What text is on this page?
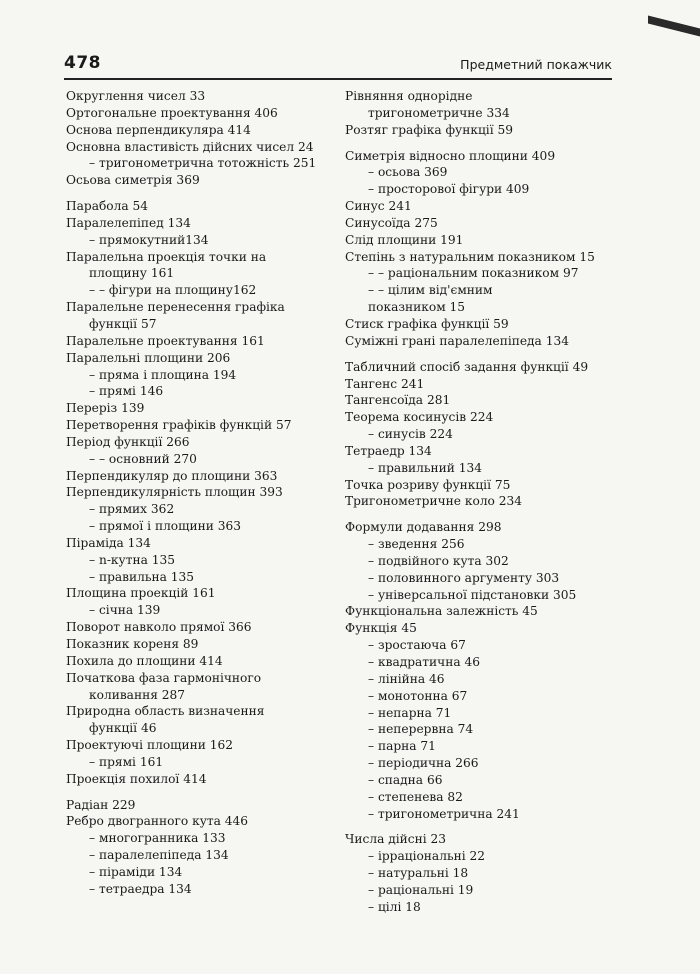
478	Предметний покажчик
Округлення чисел 33
Ортогональне проектування 406
Основа перпендикуляра 414
Основна властивість дійсних чисел 24
– тригонометрична тотожність 251
Осьова симетрія 369
Парабола 54
Паралелепіпед 134
– прямокутний134
Паралельна проекція точки на
площину 161
– – фігури на площину162
Паралельне перенесення графіка
функції 57
Паралельне проектування 161
Паралельні площини 206
– пряма і площина 194
– прямі 146
Переріз 139
Перетворення графіків функцій 57
Період функції 266
– – основний 270
Перпендикуляр до площини 363
Перпендикулярність площин 393
– прямих 362
– прямої і площини 363
Піраміда 134
– n-кутна 135
– правильна 135
Площина проекцій 161
– січна 139
Поворот навколо прямої 366
Показник кореня 89
Похила до площини 414
Початкова фаза гармонічного
коливання 287
Природна область визначення
функції 46
Проектуючі площини 162
– прямі 161
Проекція похилої 414
Радіан 229
Ребро двогранного кута 446
– многогранника 133
– паралелепіпеда 134
– піраміди 134
– тетраедра 134
Рівняння однорідне
тригонометричне 334
Розтяг графіка функції 59
Симетрія відносно площини 409
– осьова 369
– просторової фігури 409
Синус 241
Синусоїда 275
Слід площини 191
Степінь з натуральним показником 15
– – раціональним показником 97
– – цілим від'ємним
показником 15
Стиск графіка функції 59
Суміжні грані паралелепіпеда 134
Табличний спосіб задання функції 49
Тангенс 241
Тангенсоїда 281
Теорема косинусів 224
– синусів 224
Тетраедр 134
– правильний 134
Точка розриву функції 75
Тригонометричне коло 234
Формули додавання 298
– зведення 256
– подвійного кута 302
– половинного аргументу 303
– універсальної підстановки 305
Функціональна залежність 45
Функція 45
– зростаюча 67
– квадратична 46
– лінійна 46
– монотонна 67
– непарна 71
– неперервна 74
– парна 71
– періодична 266
– спадна 66
– степенева 82
– тригонометрична 241
Числа дійсні 23
– ірраціональні 22
– натуральні 18
– раціональні 19
– цілі 18
